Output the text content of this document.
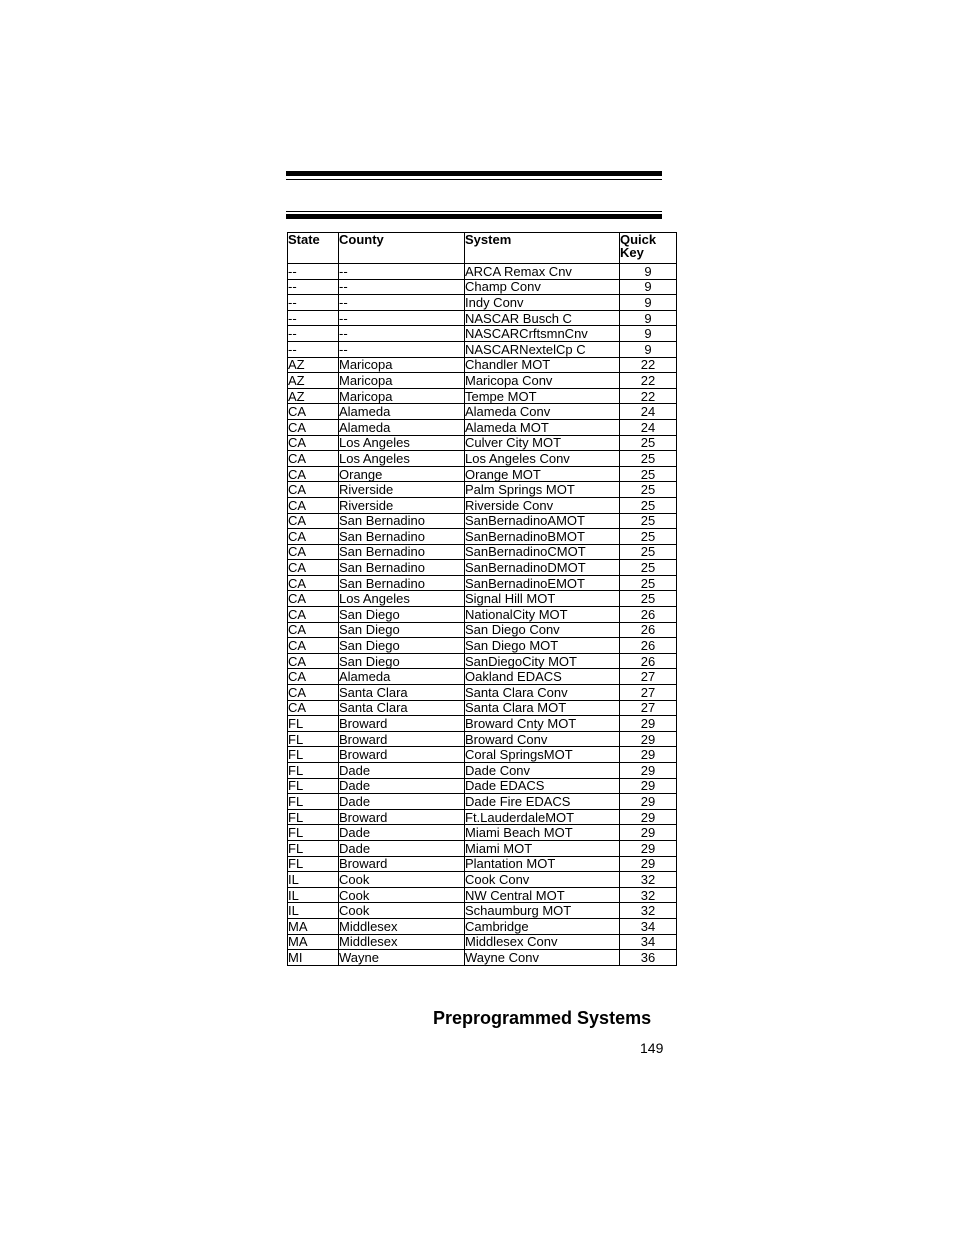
State	County	System	Quick
Key
--	--	ARCA Remax Cnv	9
--	--	Champ Conv	9
--	--	Indy Conv	9
--	--	NASCAR Busch C	9
--	--	NASCARCrftsmnCnv	9
--	--	NASCARNextelCp C	9
AZ	Maricopa	Chandler MOT	22
AZ	Maricopa	Maricopa Conv	22
AZ	Maricopa	Tempe MOT	22
CA	Alameda	Alameda Conv	24
CA	Alameda	Alameda MOT	24
CA	Los Angeles	Culver City MOT	25
CA	Los Angeles	Los Angeles Conv	25
CA	Orange	Orange MOT	25
CA	Riverside	Palm Springs MOT	25
CA	Riverside	Riverside Conv	25
CA	San Bernadino	SanBernadinoAMOT	25
CA	San Bernadino	SanBernadinoBMOT	25
CA	San Bernadino	SanBernadinoCMOT	25
CA	San Bernadino	SanBernadinoDMOT	25
CA	San Bernadino	SanBernadinoEMOT	25
CA	Los Angeles	Signal Hill MOT	25
CA	San Diego	NationalCity MOT	26
CA	San Diego	San Diego Conv	26
CA	San Diego	San Diego MOT	26
CA	San Diego	SanDiegoCity MOT	26
CA	Alameda	Oakland EDACS	27
CA	Santa Clara	Santa Clara Conv	27
CA	Santa Clara	Santa Clara MOT	27
FL	Broward	Broward Cnty MOT	29
FL	Broward	Broward Conv	29
FL	Broward	Coral SpringsMOT	29
FL	Dade	Dade Conv	29
FL	Dade	Dade EDACS	29
FL	Dade	Dade Fire EDACS	29
FL	Broward	Ft.LauderdaleMOT	29
FL	Dade	Miami Beach MOT	29
FL	Dade	Miami MOT	29
FL	Broward	Plantation MOT	29
IL	Cook	Cook Conv	32
IL	Cook	NW Central MOT	32
IL	Cook	Schaumburg MOT	32
MA	Middlesex	Cambridge	34
MA	Middlesex	Middlesex Conv	34
MI	Wayne	Wayne Conv	36
Preprogrammed Systems
149
